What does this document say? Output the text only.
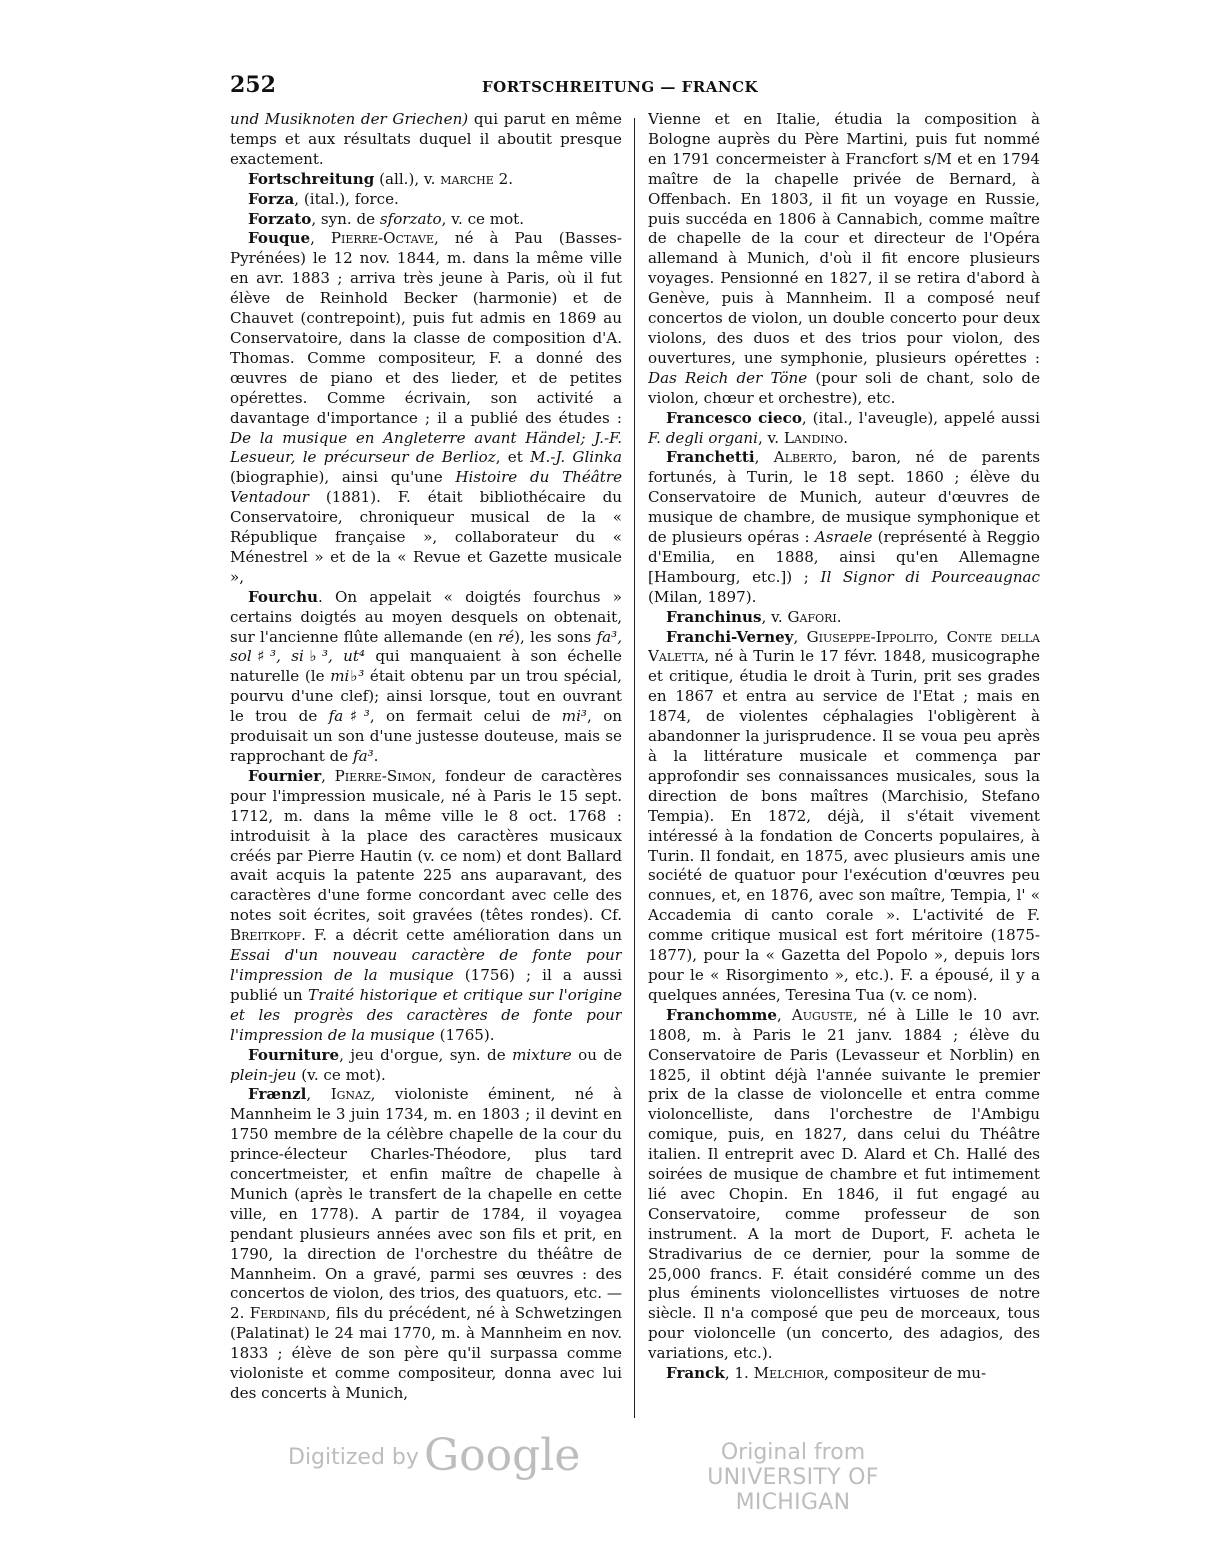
252	FORTSCHREITUNG — FRANCK

und Musiknoten der Griechen) qui parut en même temps et aux résultats duquel il aboutit presque exactement.

Fortschreitung (all.), v. marche 2.

Forza, (ital.), force.

Forzato, syn. de sforzato, v. ce mot.

Fouque, Pierre-Octave, né à Pau (Basses-Pyrénées) le 12 nov. 1844, m. dans la même ville en avr. 1883 ; arriva très jeune à Paris, où il fut élève de Reinhold Becker (harmonie) et de Chauvet (contrepoint), puis fut admis en 1869 au Conservatoire, dans la classe de composition d'A. Thomas. Comme compositeur, F. a donné des œuvres de piano et des lieder, et de petites opérettes. Comme écrivain, son activité a davantage d'importance ; il a publié des études : De la musique en Angleterre avant Händel; J.-F. Lesueur, le précurseur de Berlioz, et M.-J. Glinka (biographie), ainsi qu'une Histoire du Théâtre Ventadour (1881). F. était bibliothécaire du Conservatoire, chroniqueur musical de la « République française », collaborateur du « Ménestrel » et de la « Revue et Gazette musicale »,

Fourchu. On appelait « doigtés fourchus » certains doigtés au moyen desquels on obtenait, sur l'ancienne flûte allemande (en ré), les sons fa³, sol♯³, si♭³, ut⁴ qui manquaient à son échelle naturelle (le mi♭³ était obtenu par un trou spécial, pourvu d'une clef); ainsi lorsque, tout en ouvrant le trou de fa♯³, on fermait celui de mi³, on produisait un son d'une justesse douteuse, mais se rapprochant de fa³.

Fournier, Pierre-Simon, fondeur de caractères pour l'impression musicale, né à Paris le 15 sept. 1712, m. dans la même ville le 8 oct. 1768 : introduisit à la place des caractères musicaux créés par Pierre Hautin (v. ce nom) et dont Ballard avait acquis la patente 225 ans auparavant, des caractères d'une forme concordant avec celle des notes soit écrites, soit gravées (têtes rondes). Cf. Breitkopf. F. a décrit cette amélioration dans un Essai d'un nouveau caractère de fonte pour l'impression de la musique (1756) ; il a aussi publié un Traité historique et critique sur l'origine et les progrès des caractères de fonte pour l'impression de la musique (1765).

Fourniture, jeu d'orgue, syn. de mixture ou de plein-jeu (v. ce mot).

Frænzl, Ignaz, violoniste éminent, né à Mannheim le 3 juin 1734, m. en 1803 ; il devint en 1750 membre de la célèbre chapelle de la cour du prince-électeur Charles-Théodore, plus tard concertmeister, et enfin maître de chapelle à Munich (après le transfert de la chapelle en cette ville, en 1778). A partir de 1784, il voyagea pendant plusieurs années avec son fils et prit, en 1790, la direction de l'orchestre du théâtre de Mannheim. On a gravé, parmi ses œuvres : des concertos de violon, des trios, des quatuors, etc. — 2. Ferdinand, fils du précédent, né à Schwetzingen (Palatinat) le 24 mai 1770, m. à Mannheim en nov. 1833 ; élève de son père qu'il surpassa comme violoniste et comme compositeur, donna avec lui des concerts à Munich,

Vienne et en Italie, étudia la composition à Bologne auprès du Père Martini, puis fut nommé en 1791 concermeister à Francfort s/M et en 1794 maître de la chapelle privée de Bernard, à Offenbach. En 1803, il fit un voyage en Russie, puis succéda en 1806 à Cannabich, comme maître de chapelle de la cour et directeur de l'Opéra allemand à Munich, d'où il fit encore plusieurs voyages. Pensionné en 1827, il se retira d'abord à Genève, puis à Mannheim. Il a composé neuf concertos de violon, un double concerto pour deux violons, des duos et des trios pour violon, des ouvertures, une symphonie, plusieurs opérettes : Das Reich der Töne (pour soli de chant, solo de violon, chœur et orchestre), etc.

Francesco cieco, (ital., l'aveugle), appelé aussi F. degli organi, v. Landino.

Franchetti, Alberto, baron, né de parents fortunés, à Turin, le 18 sept. 1860 ; élève du Conservatoire de Munich, auteur d'œuvres de musique de chambre, de musique symphonique et de plusieurs opéras : Asraele (représenté à Reggio d'Emilia, en 1888, ainsi qu'en Allemagne [Hambourg, etc.]) ; Il Signor di Pourceaugnac (Milan, 1897).

Franchinus, v. Gafori.

Franchi-Verney, Giuseppe-Ippolito, Conte della Valetta, né à Turin le 17 févr. 1848, musicographe et critique, étudia le droit à Turin, prit ses grades en 1867 et entra au service de l'Etat ; mais en 1874, de violentes céphalagies l'obligèrent à abandonner la jurisprudence. Il se voua peu après à la littérature musicale et commença par approfondir ses connaissances musicales, sous la direction de bons maîtres (Marchisio, Stefano Tempia). En 1872, déjà, il s'était vivement intéressé à la fondation de Concerts populaires, à Turin. Il fondait, en 1875, avec plusieurs amis une société de quatuor pour l'exécution d'œuvres peu connues, et, en 1876, avec son maître, Tempia, l' « Accademia di canto corale ». L'activité de F. comme critique musical est fort méritoire (1875-1877), pour la « Gazetta del Popolo », depuis lors pour le « Risorgimento », etc.). F. a épousé, il y a quelques années, Teresina Tua (v. ce nom).

Franchomme, Auguste, né à Lille le 10 avr. 1808, m. à Paris le 21 janv. 1884 ; élève du Conservatoire de Paris (Levasseur et Norblin) en 1825, il obtint déjà l'année suivante le premier prix de la classe de violoncelle et entra comme violoncelliste, dans l'orchestre de l'Ambigu comique, puis, en 1827, dans celui du Théâtre italien. Il entreprit avec D. Alard et Ch. Hallé des soirées de musique de chambre et fut intimement lié avec Chopin. En 1846, il fut engagé au Conservatoire, comme professeur de son instrument. A la mort de Duport, F. acheta le Stradivarius de ce dernier, pour la somme de 25,000 francs. F. était considéré comme un des plus éminents violoncellistes virtuoses de notre siècle. Il n'a composé que peu de morceaux, tous pour violoncelle (un concerto, des adagios, des variations, etc.).

Franck, 1. Melchior, compositeur de mu-

Digitized by Google	Original from
UNIVERSITY OF MICHIGAN
